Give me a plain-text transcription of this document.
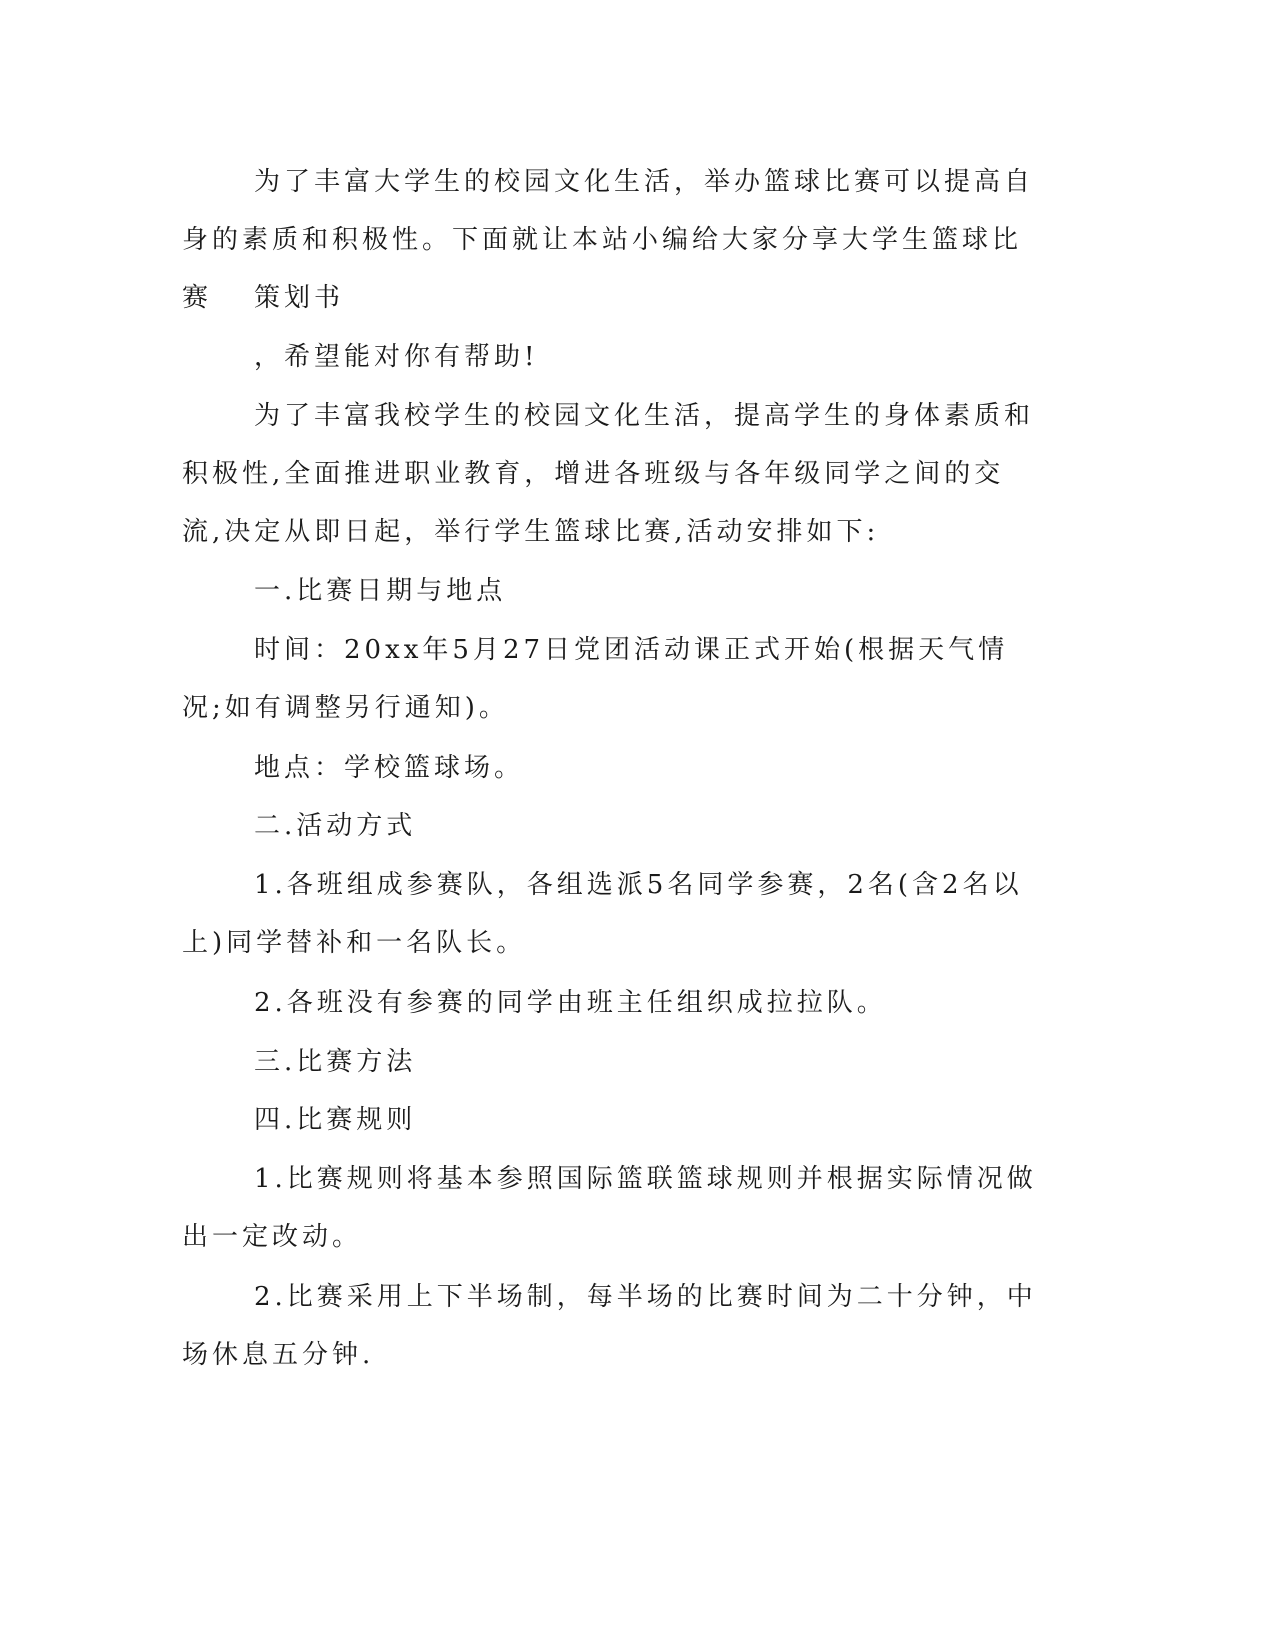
为了丰富大学生的校园文化生活，举办篮球比赛可以提高自身的素质和积极性。下面就让本站小编给大家分享大学生篮球比赛	策划书

，希望能对你有帮助!

为了丰富我校学生的校园文化生活，提高学生的身体素质和积极性,全面推进职业教育，增进各班级与各年级同学之间的交流,决定从即日起，举行学生篮球比赛,活动安排如下:

一.比赛日期与地点

时间：20xx年5月27日党团活动课正式开始(根据天气情况;如有调整另行通知)。

地点：学校篮球场。

二.活动方式

1.各班组成参赛队，各组选派5名同学参赛，2名(含2名以上)同学替补和一名队长。

2.各班没有参赛的同学由班主任组织成拉拉队。

三.比赛方法

四.比赛规则

1.比赛规则将基本参照国际篮联篮球规则并根据实际情况做出一定改动。

2.比赛采用上下半场制，每半场的比赛时间为二十分钟，中场休息五分钟.
